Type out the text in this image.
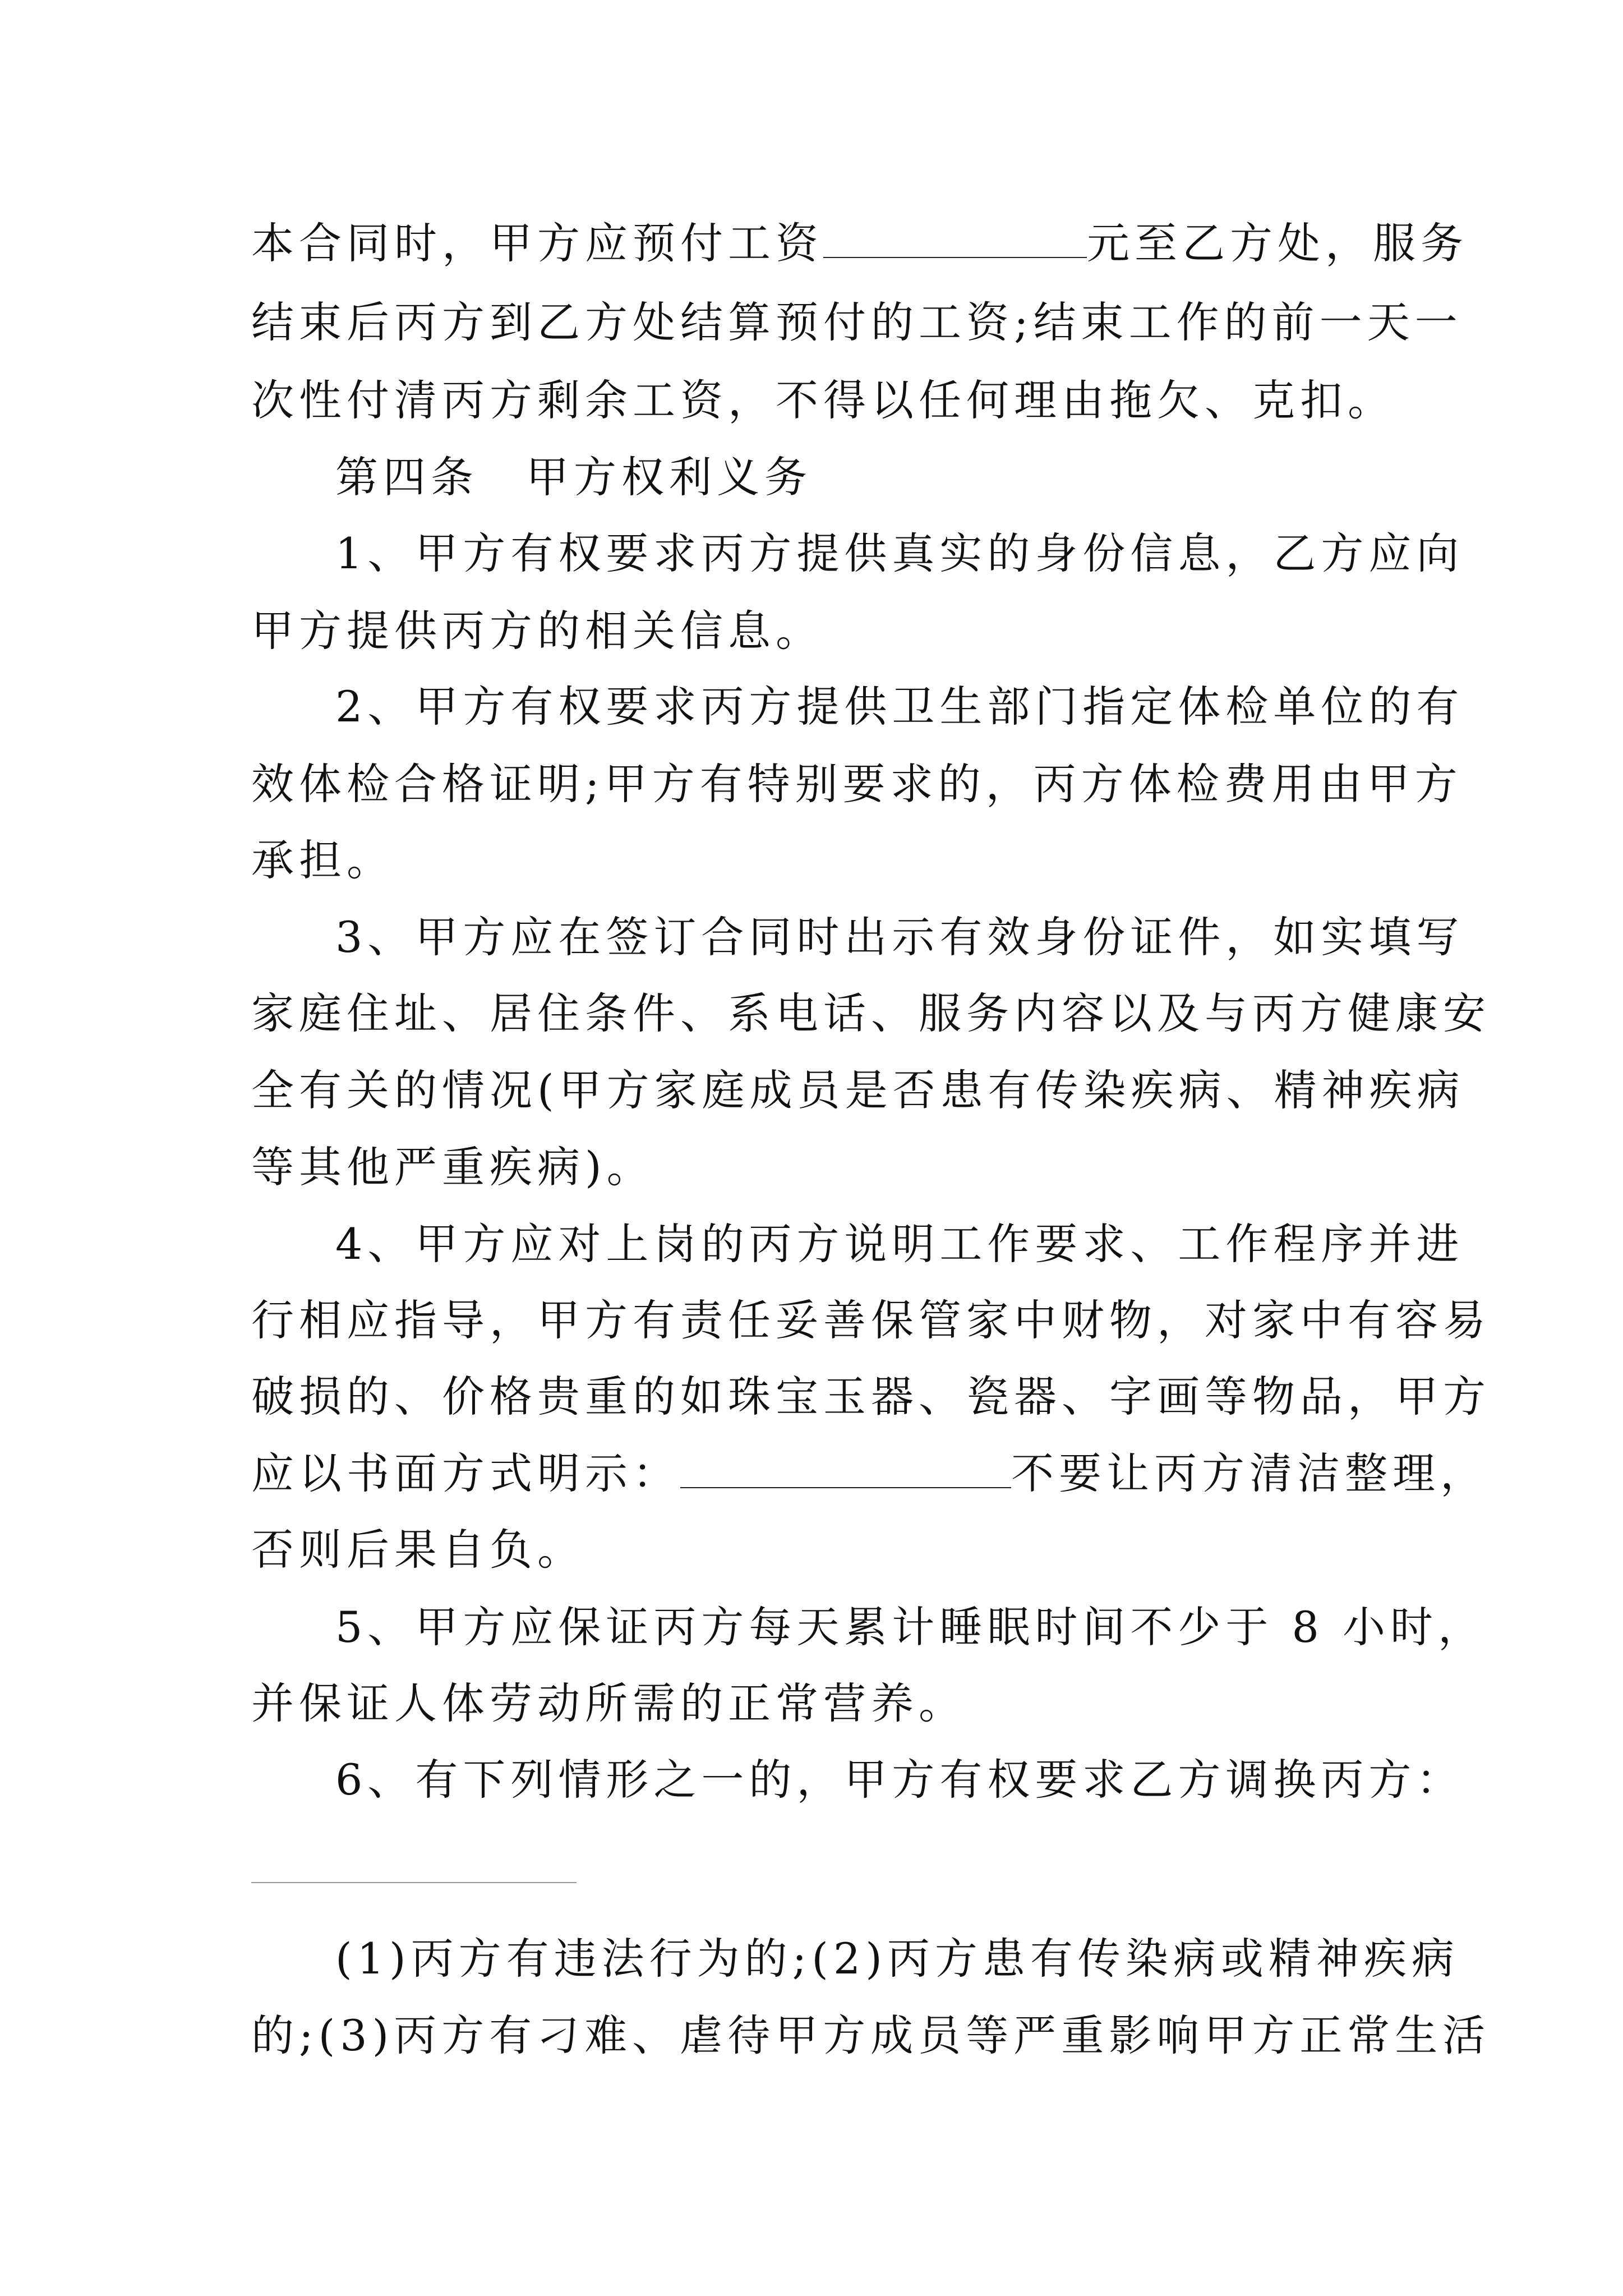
本合同时，甲方应预付工资	元至乙方处，服务
结束后丙方到乙方处结算预付的工资;结束工作的前一天一
次性付清丙方剩余工资，不得以任何理由拖欠、克扣。
第四条　甲方权利义务
1、甲方有权要求丙方提供真实的身份信息，乙方应向
甲方提供丙方的相关信息。
2、甲方有权要求丙方提供卫生部门指定体检单位的有
效体检合格证明;甲方有特别要求的，丙方体检费用由甲方
承担。
3、甲方应在签订合同时出示有效身份证件，如实填写
家庭住址、居住条件、系电话、服务内容以及与丙方健康安
全有关的情况(甲方家庭成员是否患有传染疾病、精神疾病
等其他严重疾病)。
4、甲方应对上岗的丙方说明工作要求、工作程序并进
行相应指导，甲方有责任妥善保管家中财物，对家中有容易
破损的、价格贵重的如珠宝玉器、瓷器、字画等物品，甲方
应以书面方式明示：	不要让丙方清洁整理，
否则后果自负。
5、甲方应保证丙方每天累计睡眠时间不少于 8 小时，
并保证人体劳动所需的正常营养。
6、有下列情形之一的，甲方有权要求乙方调换丙方：
(1)丙方有违法行为的;(2)丙方患有传染病或精神疾病
的;(3)丙方有刁难、虐待甲方成员等严重影响甲方正常生活
